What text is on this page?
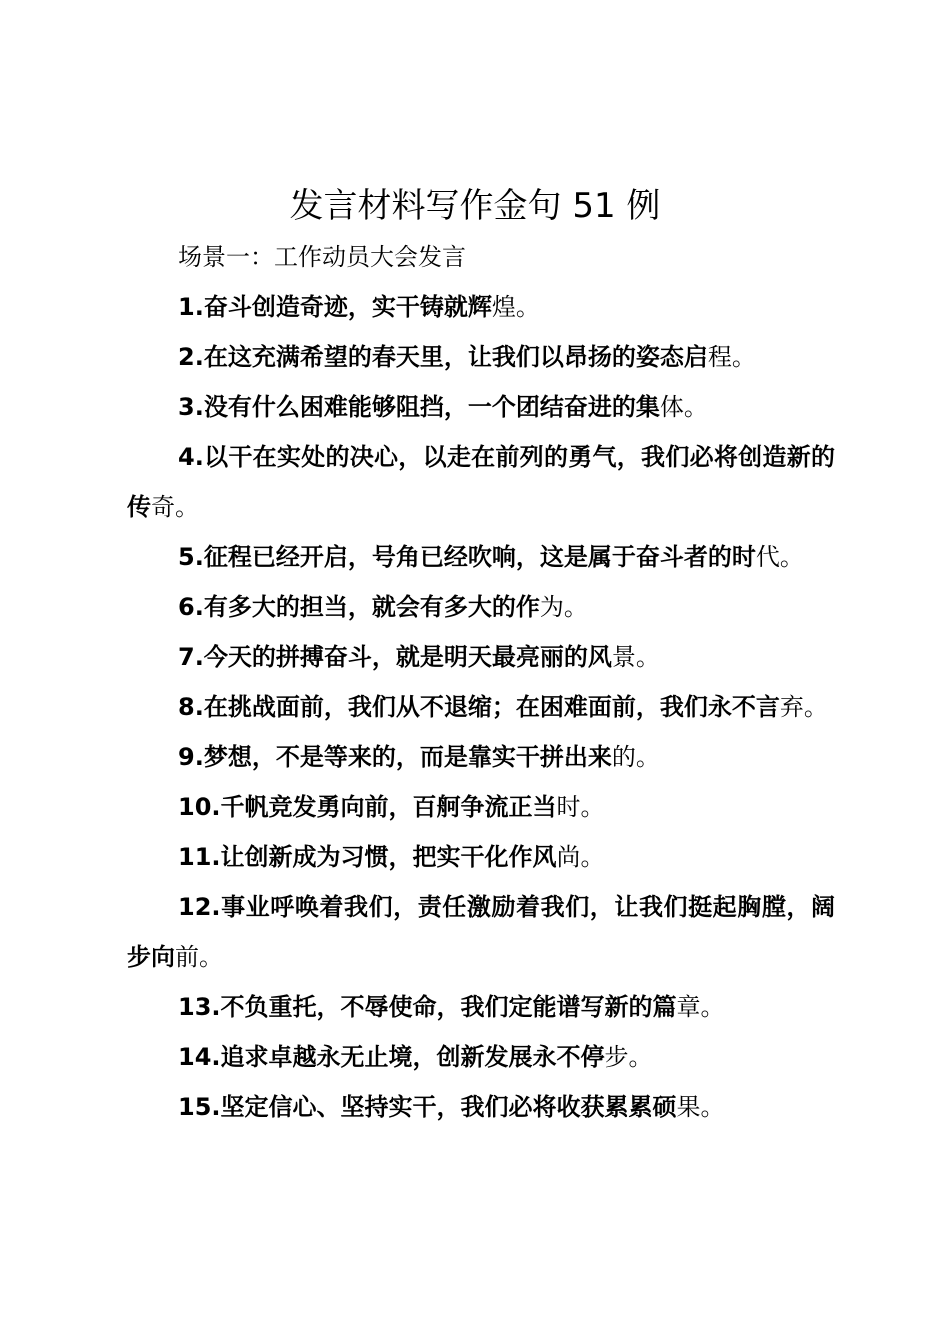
发言材料写作金句 51 例

场景一：工作动员大会发言

1.奋斗创造奇迹，实干铸就辉煌。

2.在这充满希望的春天里，让我们以昂扬的姿态启程。

3.没有什么困难能够阻挡，一个团结奋进的集体。

4.以干在实处的决心，以走在前列的勇气，我们必将创造新的传奇。

5.征程已经开启，号角已经吹响，这是属于奋斗者的时代。

6.有多大的担当，就会有多大的作为。

7.今天的拼搏奋斗，就是明天最亮丽的风景。

8.在挑战面前，我们从不退缩；在困难面前，我们永不言弃。

9.梦想，不是等来的，而是靠实干拼出来的。

10.千帆竞发勇向前，百舸争流正当时。

11.让创新成为习惯，把实干化作风尚。

12.事业呼唤着我们，责任激励着我们，让我们挺起胸膛，阔步向前。

13.不负重托，不辱使命，我们定能谱写新的篇章。

14.追求卓越永无止境，创新发展永不停步。

15.坚定信心、坚持实干，我们必将收获累累硕果。
